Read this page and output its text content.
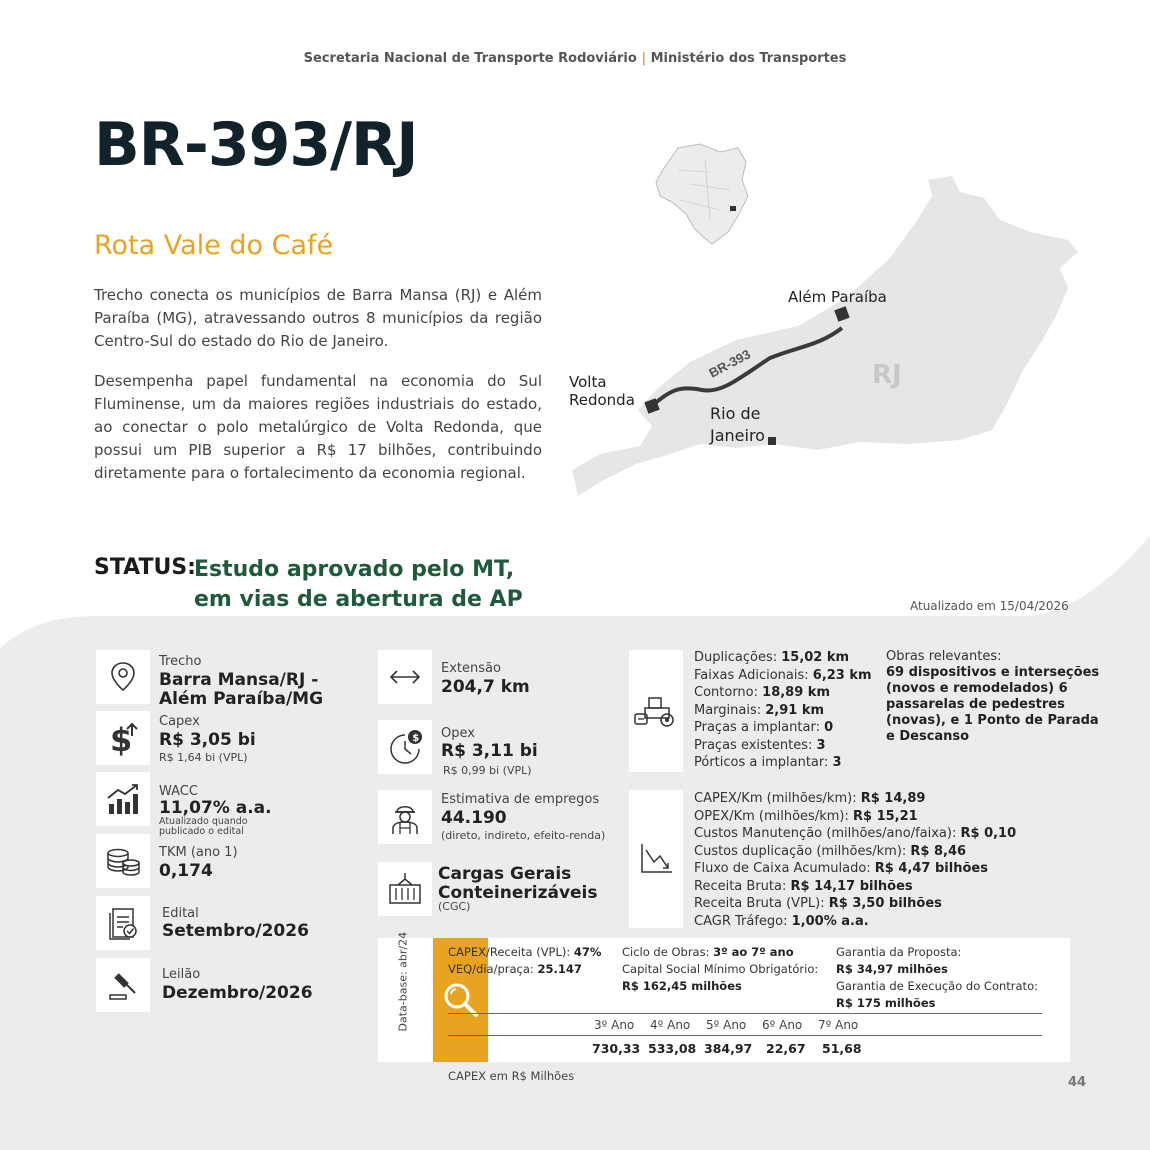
Secretaria Nacional de Transporte Rodoviário | Ministério dos Transportes
BR-393/RJ
Rota Vale do Café

Trecho conecta os municípios de Barra Mansa (RJ) e Além Paraíba (MG), atravessando outros 8 municípios da região Centro-Sul do estado do Rio de Janeiro.

Desempenha papel fundamental na economia do Sul Fluminense, um da maiores regiões industriais do estado, ao conectar o polo metalúrgico de Volta Redonda, que possui um PIB superior a R$ 17 bilhões, contribuindo diretamente para o fortalecimento da economia regional.

BR-393
Além Paraíba
Volta
Redonda
Rio de
Janeiro
RJ
STATUS:
Estudo aprovado pelo MT,
em vias de abertura de AP	Atualizado em 15/04/2026
Trecho
Barra Mansa/RJ -
Além Paraíba/MG
$ Capex
R$ 3,05 bi
R$ 1,64 bi (VPL)
WACC
11,07% a.a.
Atualizado quando
publicado o edital
TKM (ano 1)
0,174
Edital
Setembro/2026
Leilão
Dezembro/2026
Extensão
204,7 km
$ Opex
R$ 3,11 bi
R$ 0,99 bi (VPL)
Estimativa de empregos
44.190
(direto, indireto, efeito-renda)
Cargas Gerais
Conteinerizáveis
(CGC)
Duplicações: 15,02 km
Faixas Adicionais: 6,23 km
Contorno: 18,89 km
Marginais: 2,91 km
Praças a implantar: 0
Praças existentes: 3
Pórticos a implantar: 3
Obras relevantes:
69 dispositivos e interseções
(novos e remodelados) 6
passarelas de pedestres
(novas), e 1 Ponto de Parada
e Descanso
CAPEX/Km (milhões/km): R$ 14,89
OPEX/Km (milhões/km): R$ 15,21
Custos Manutenção (milhões/ano/faixa): R$ 0,10
Custos duplicação (milhões/km): R$ 8,46
Fluxo de Caixa Acumulado: R$ 4,47 bilhões
Receita Bruta: R$ 14,17 bilhões
Receita Bruta (VPL): R$ 3,50 bilhões
CAGR Tráfego: 1,00% a.a.
Data-base: abr/24	CAPEX/Receita (VPL): 47%
VEQ/dia/praça: 25.147
Ciclo de Obras: 3º ao 7º ano
Capital Social Mínimo Obrigatório:
R$ 162,45 milhões
Garantia da Proposta:
R$ 34,97 milhões
Garantia de Execução do Contrato:
R$ 175 milhões
3º Ano 4º Ano 5º Ano 6º Ano 7º Ano
730,33 533,08 384,97 22,67 51,68
CAPEX em R$ Milhões	44
